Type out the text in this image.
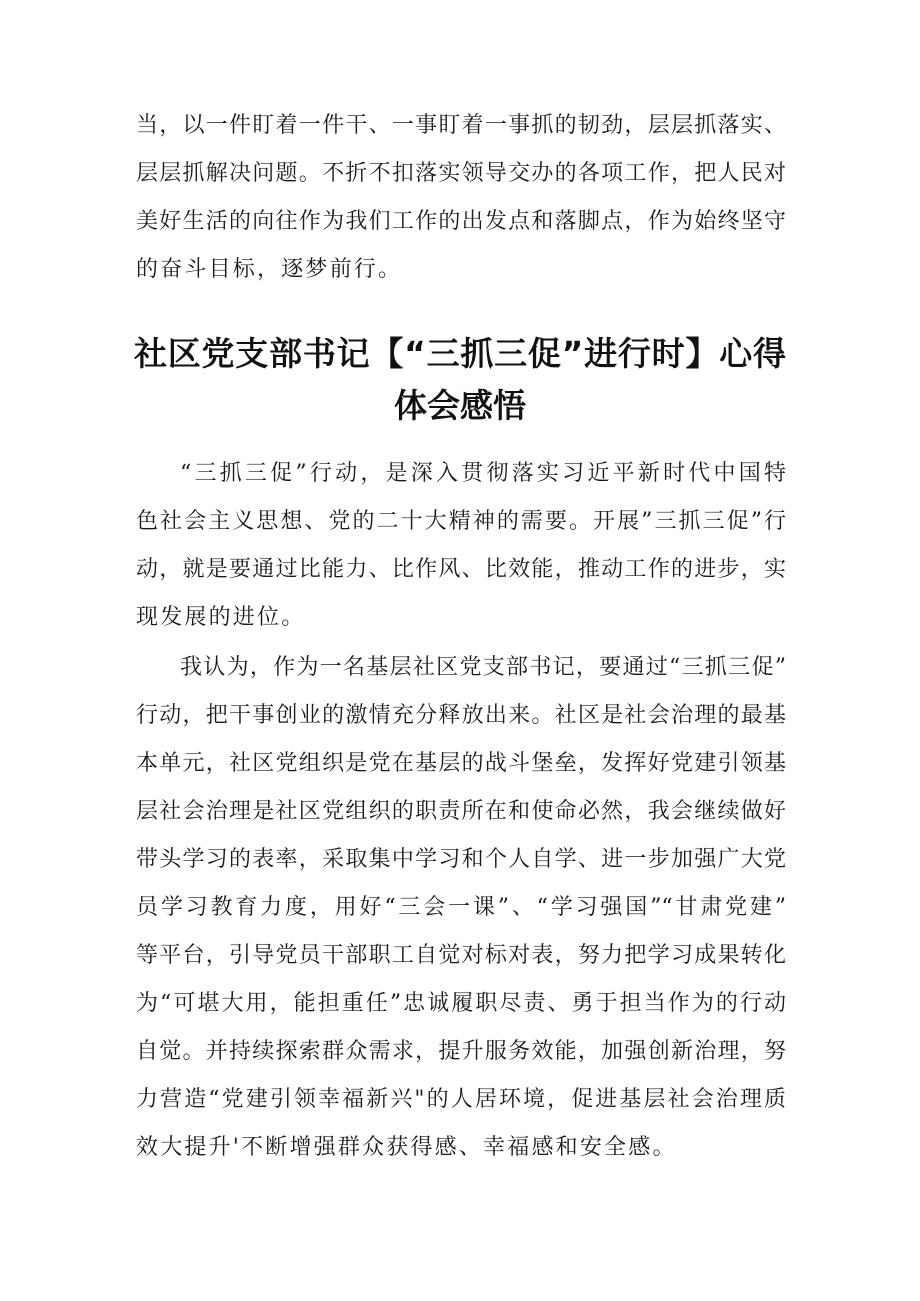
当，以一件盯着一件干、一事盯着一事抓的韧劲，层层抓落实、
层层抓解决问题。不折不扣落实领导交办的各项工作，把人民对
美好生活的向往作为我们工作的出发点和落脚点，作为始终坚守
的奋斗目标，逐梦前行。
社区党支部书记【“三抓三促”进行时】心得
体会感悟
“三抓三促”行动，是深入贯彻落实习近平新时代中国特
色社会主义思想、党的二十大精神的需要。开展”三抓三促”行
动，就是要通过比能力、比作风、比效能，推动工作的进步，实
现发展的进位。
我认为，作为一名基层社区党支部书记，要通过“三抓三促”
行动，把干事创业的激情充分释放出来。社区是社会治理的最基
本单元，社区党组织是党在基层的战斗堡垒，发挥好党建引领基
层社会治理是社区党组织的职责所在和使命必然，我会继续做好
带头学习的表率，采取集中学习和个人自学、进一步加强广大党
员学习教育力度，用好“三会一课”、“学习强国”“甘肃党建”
等平台，引导党员干部职工自觉对标对表，努力把学习成果转化
为“可堪大用，能担重任”忠诚履职尽责、勇于担当作为的行动
自觉。并持续探索群众需求，提升服务效能，加强创新治理，努
力营造“党建引领幸福新兴"的人居环境，促进基层社会治理质
效大提升'不断增强群众获得感、幸福感和安全感。
